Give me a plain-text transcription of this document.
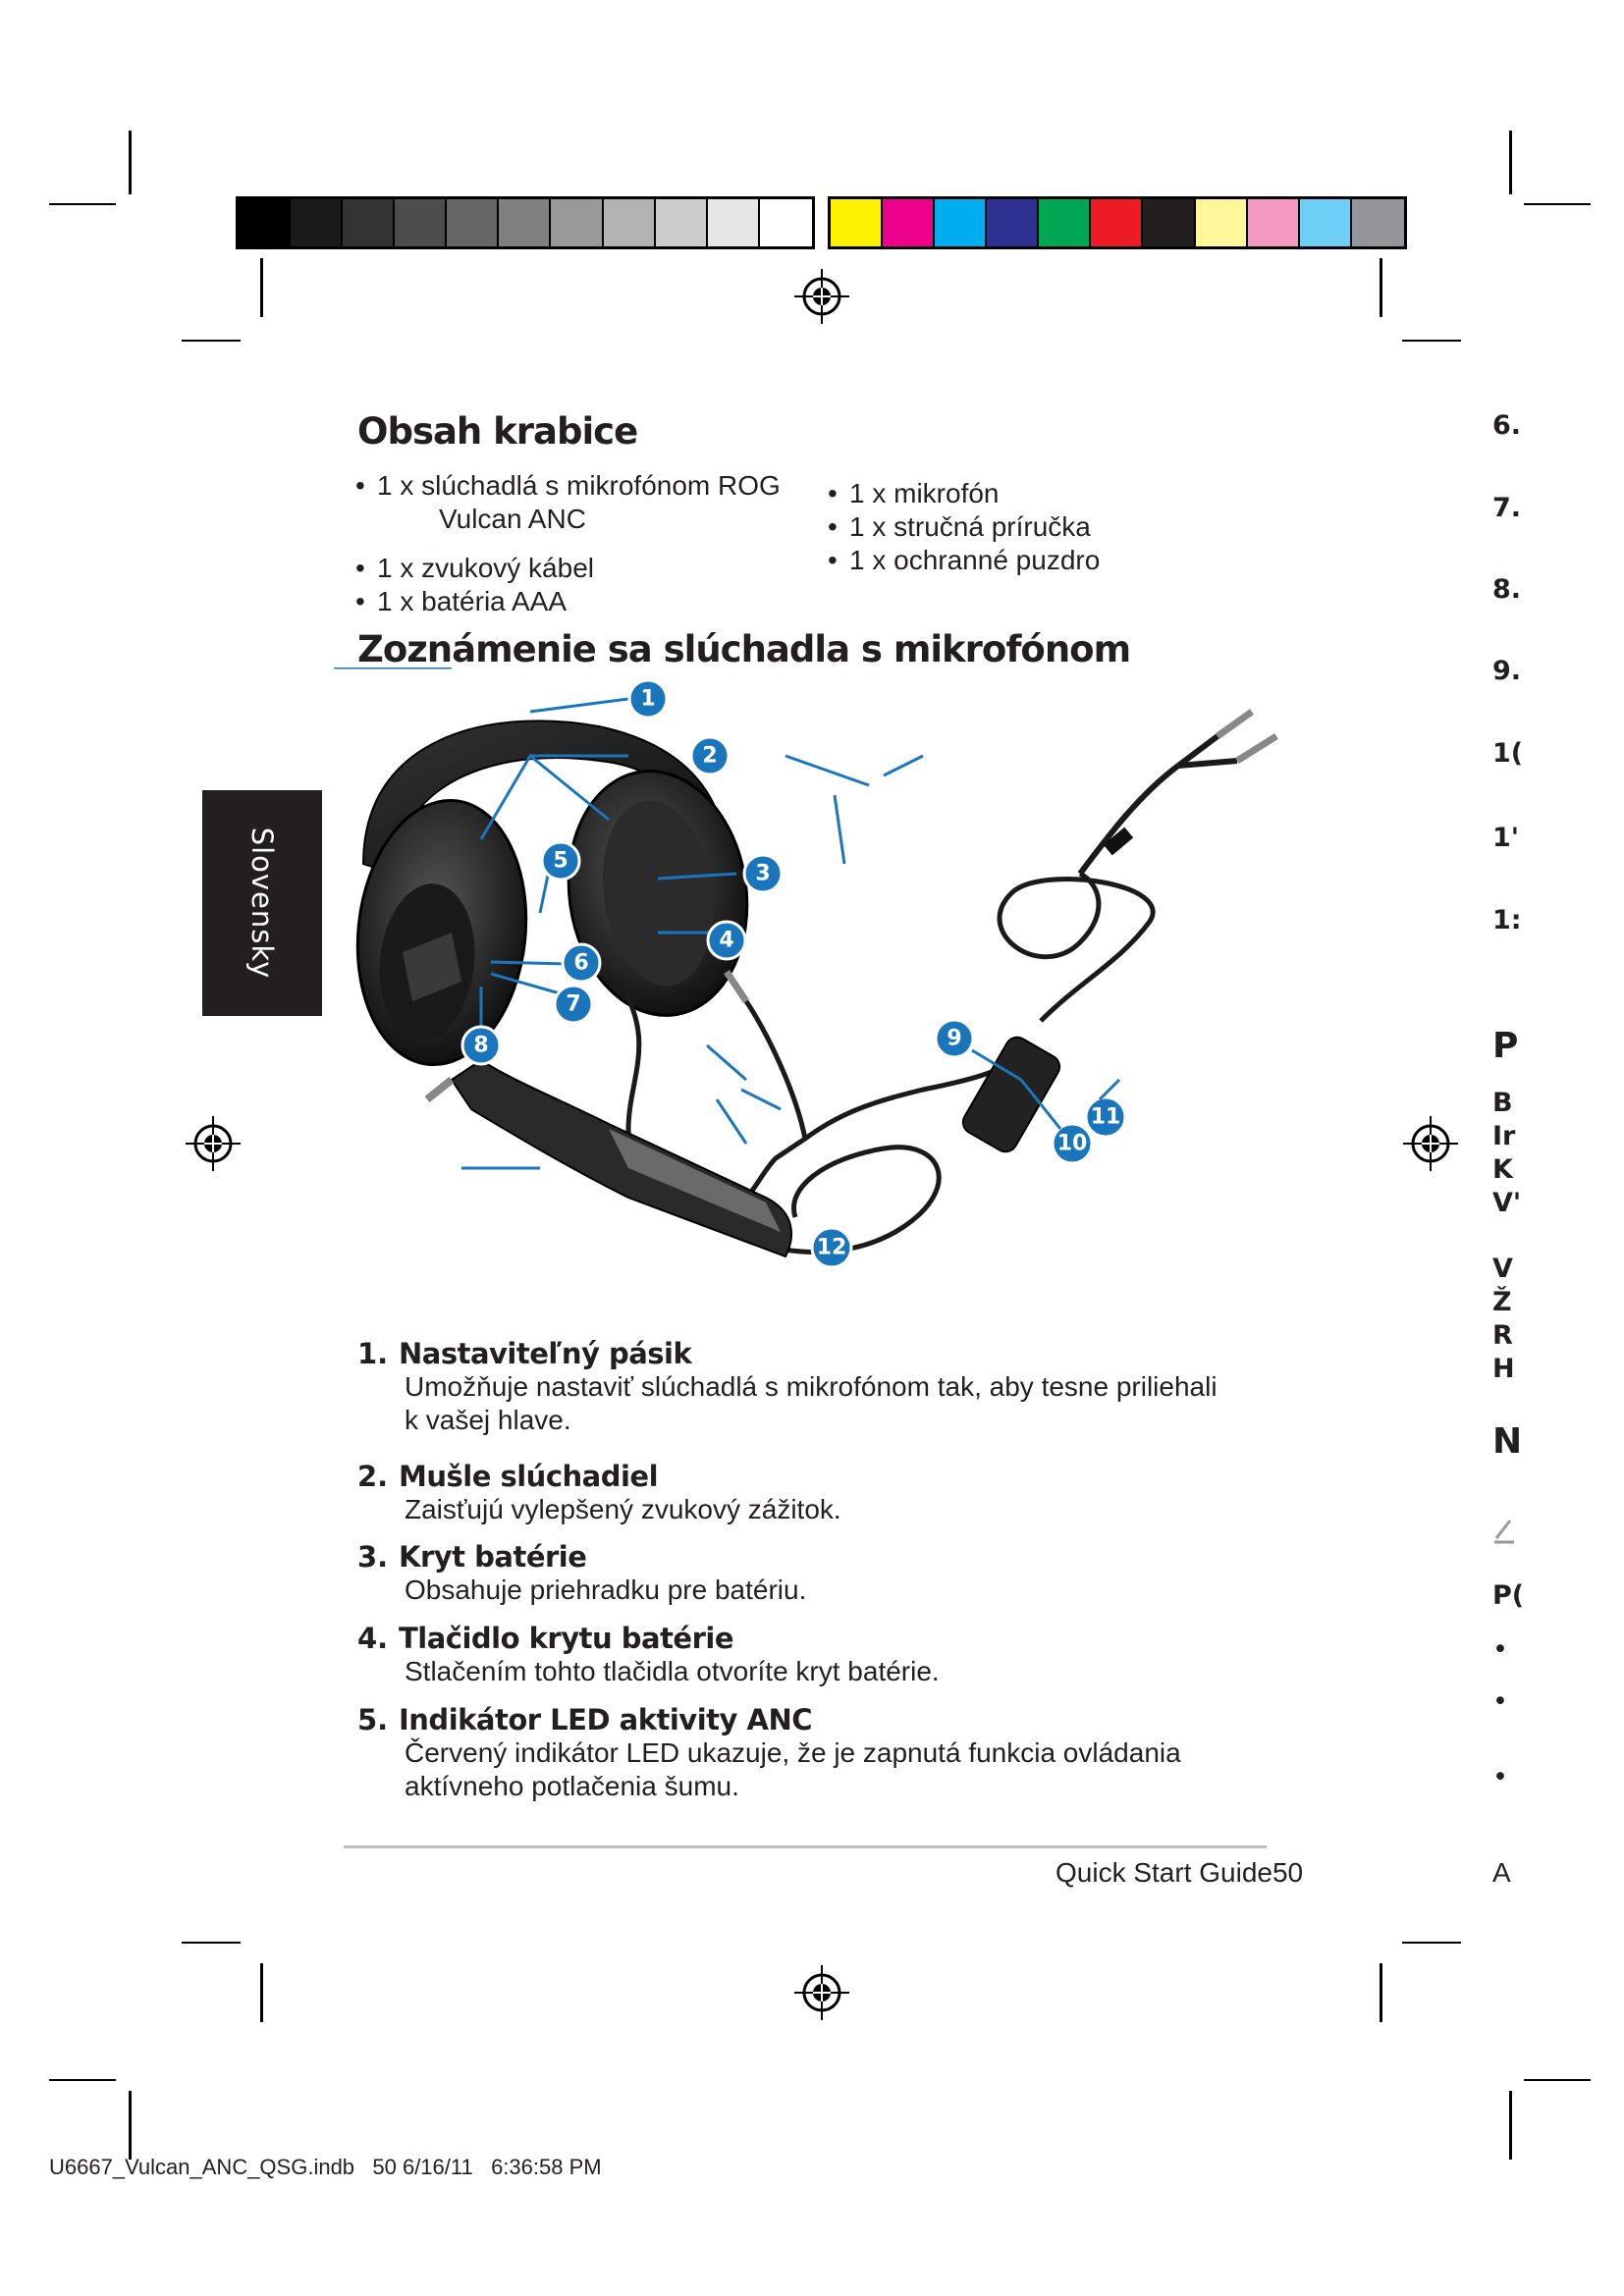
Obsah krabice
• 1 x slúchadlá s mikrofónom ROG
Vulcan ANC
• 1 x zvukový kábel
• 1 x batéria AAA
• 1 x mikrofón
• 1 x stručná príručka
• 1 x ochranné puzdro
Zoznámenie sa slúchadla s mikrofónom
Slovensky
1
2
3
4
5
6
7
8	9
10
11
12
1. Nastaviteľný pásik
Umožňuje nastaviť slúchadlá s mikrofónom tak, aby tesne priliehali k vašej hlave.
2. Mušle slúchadiel
Zaisťujú vylepšený zvukový zážitok.
3. Kryt batérie
Obsahuje priehradku pre batériu.
4. Tlačidlo krytu batérie
Stlačením tohto tlačidla otvoríte kryt batérie.
5. Indikátor LED aktivity ANC
Červený indikátor LED ukazuje, že je zapnutá funkcia ovládania aktívneho potlačenia šumu.
Quick Start Guide50
6.
7.
8.
9.
1(
1'
1:
P
B
Ir
K
V'
V
Ž
R
H
N
P(
•
•
•
A
U6667_Vulcan_ANC_QSG.indb   50 6/16/11   6:36:58 PM
